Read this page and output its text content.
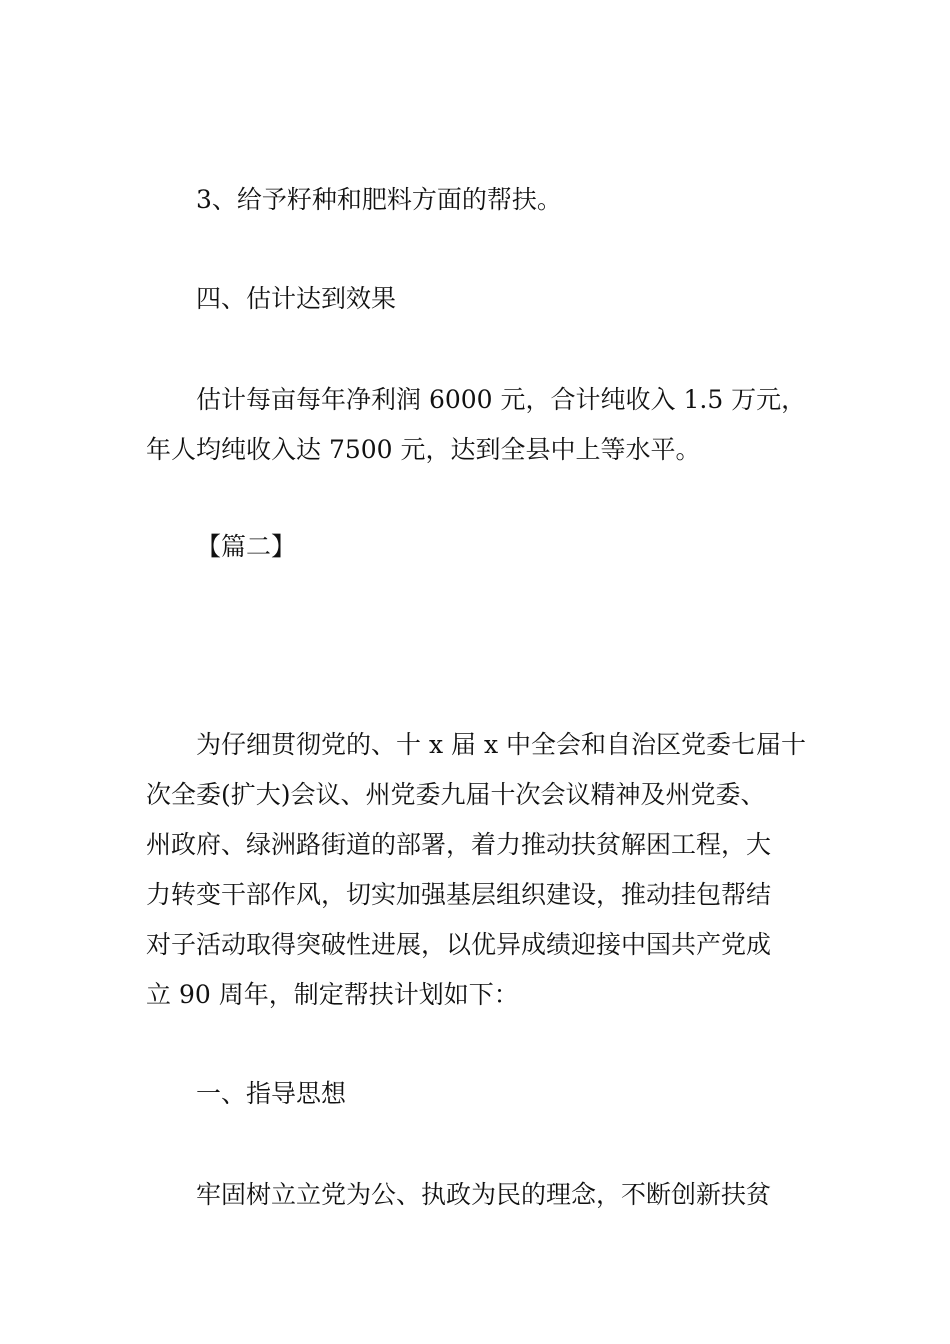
3、给予籽种和肥料方面的帮扶。

四、估计达到效果

估计每亩每年净利润 6000 元，合计纯收入 1.5 万元，
年人均纯收入达 7500 元，达到全县中上等水平。

【篇二】

为仔细贯彻党的、十 x 届 x 中全会和自治区党委七届十
次全委(扩大)会议、州党委九届十次会议精神及州党委、
州政府、绿洲路街道的部署，着力推动扶贫解困工程，大
力转变干部作风，切实加强基层组织建设，推动挂包帮结
对子活动取得突破性进展，以优异成绩迎接中国共产党成
立 90 周年，制定帮扶计划如下：

一、指导思想

牢固树立立党为公、执政为民的理念，不断创新扶贫
